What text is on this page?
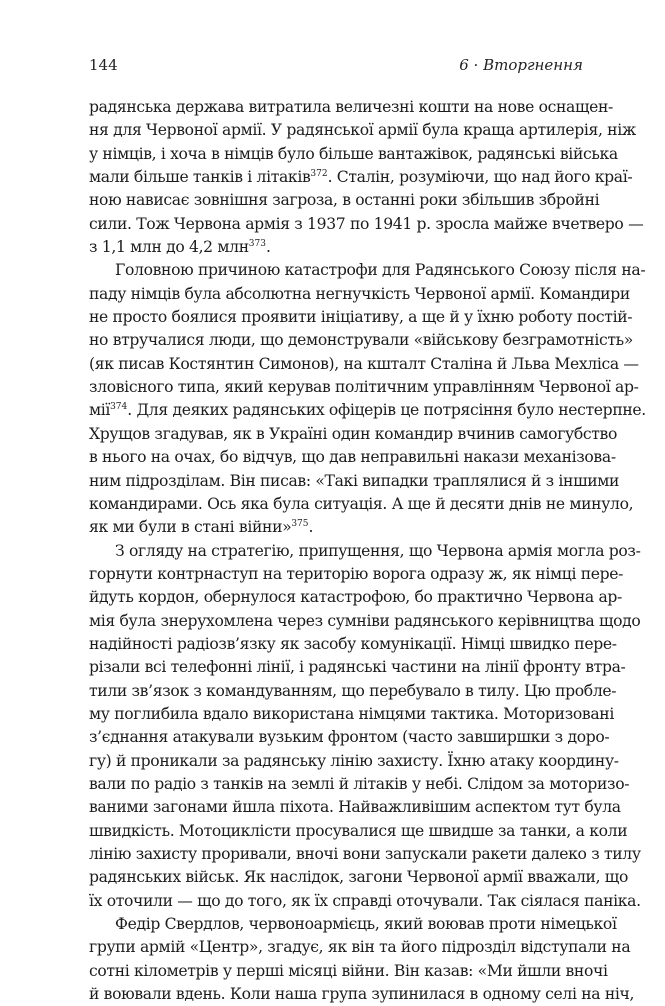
144	6 · Вторгнення
радянська держава витратила величезні кошти на нове оснащен-
ня для Червоної армії. У радянської армії була краща артилерія, ніж
у німців, і хоча в німців було більше вантажівок, радянські війська
мали більше танків і літаків$^{372}$. Сталін, розуміючи, що над його краї-
ною нависає зовнішня загроза, в останні роки збільшив збройні
сили. Тож Червона армія з 1937 по 1941 р. зросла майже вчетверо —
з 1,1 млн до 4,2 млн$^{373}$.
Головною причиною катастрофи для Радянського Союзу після на-
паду німців була абсолютна негнучкість Червоної армії. Командири
не просто боялися проявити ініціативу, а ще й у їхню роботу постій-
но втручалися люди, що демонстрували «військову безграмотність»
(як писав Костянтин Симонов), на кшталт Сталіна й Льва Мехліса —
зловісного типа, який керував політичним управлінням Червоної ар-
мії$^{374}$. Для деяких радянських офіцерів це потрясіння було нестерпне.
Хрущов згадував, як в Україні один командир вчинив самогубство
в нього на очах, бо відчув, що дав неправильні накази механізова-
ним підрозділам. Він писав: «Такі випадки траплялися й з іншими
командирами. Ось яка була ситуація. А ще й десяти днів не минуло,
як ми були в стані війни»$^{375}$.
З огляду на стратегію, припущення, що Червона армія могла роз-
горнути контрнаступ на територію ворога одразу ж, як німці пере-
йдуть кордон, обернулося катастрофою, бо практично Червона ар-
мія була знерухомлена через сумніви радянського керівництва щодо
надійності радіозв’язку як засобу комунікації. Німці швидко пере-
різали всі телефонні лінії, і радянські частини на лінії фронту втра-
тили зв’язок з командуванням, що перебувало в тилу. Цю пробле-
му поглибила вдало використана німцями тактика. Моторизовані
з’єднання атакували вузьким фронтом (часто завширшки з доро-
гу) й проникали за радянську лінію захисту. Їхню атаку координу-
вали по радіо з танків на землі й літаків у небі. Слідом за моторизо-
ваними загонами йшла піхота. Найважливішим аспектом тут була
швидкість. Мотоциклісти просувалися ще швидше за танки, а коли
лінію захисту проривали, вночі вони запускали ракети далеко з тилу
радянських військ. Як наслідок, загони Червоної армії вважали, що
їх оточили — що до того, як їх справді оточували. Так сіялася паніка.
Федір Свердлов, червоноармієць, який воював проти німецької
групи армій «Центр», згадує, як він та його підрозділ відступали на
сотні кілометрів у перші місяці війни. Він казав: «Ми йшли вночі
й воювали вдень. Коли наша група зупинилася в одному селі на ніч,
